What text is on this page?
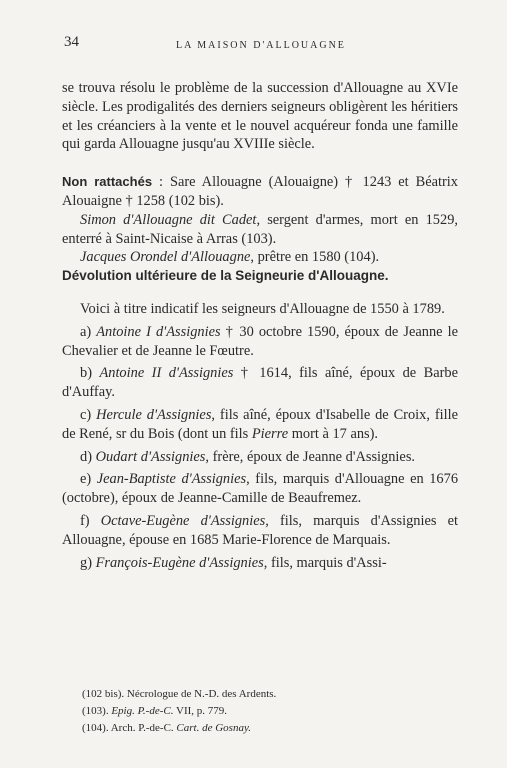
34	LA MAISON D'ALLOUAGNE

se trouva résolu le problème de la succession d'Allouagne au XVIe siècle. Les prodigalités des derniers seigneurs obligèrent les héritiers et les créanciers à la vente et le nouvel acquéreur fonda une famille qui garda Allouagne jusqu'au XVIIIe siècle.

Non rattachés : Sare Allouagne (Alouaigne) † 1243 et Béatrix Alouaigne † 1258 (102 bis).

Simon d'Allouagne dit Cadet, sergent d'armes, mort en 1529, enterré à Saint-Nicaise à Arras (103).

Jacques Orondel d'Allouagne, prêtre en 1580 (104).

Dévolution ultérieure de la Seigneurie d'Allouagne.

Voici à titre indicatif les seigneurs d'Allouagne de 1550 à 1789.

a) Antoine I d'Assignies † 30 octobre 1590, époux de Jeanne le Chevalier et de Jeanne le Fœutre.

b) Antoine II d'Assignies † 1614, fils aîné, époux de Barbe d'Auffay.

c) Hercule d'Assignies, fils aîné, époux d'Isabelle de Croix, fille de René, sr du Bois (dont un fils Pierre mort à 17 ans).

d) Oudart d'Assignies, frère, époux de Jeanne d'Assignies.

e) Jean-Baptiste d'Assignies, fils, marquis d'Allouagne en 1676 (octobre), époux de Jeanne-Camille de Beaufremez.

f) Octave-Eugène d'Assignies, fils, marquis d'Assignies et Allouagne, épouse en 1685 Marie-Florence de Marquais.

g) François-Eugène d'Assignies, fils, marquis d'Assi-

(102 bis). Nécrologue de N.-D. des Ardents.
(103). Epig. P.-de-C. VII, p. 779.
(104). Arch. P.-de-C. Cart. de Gosnay.
